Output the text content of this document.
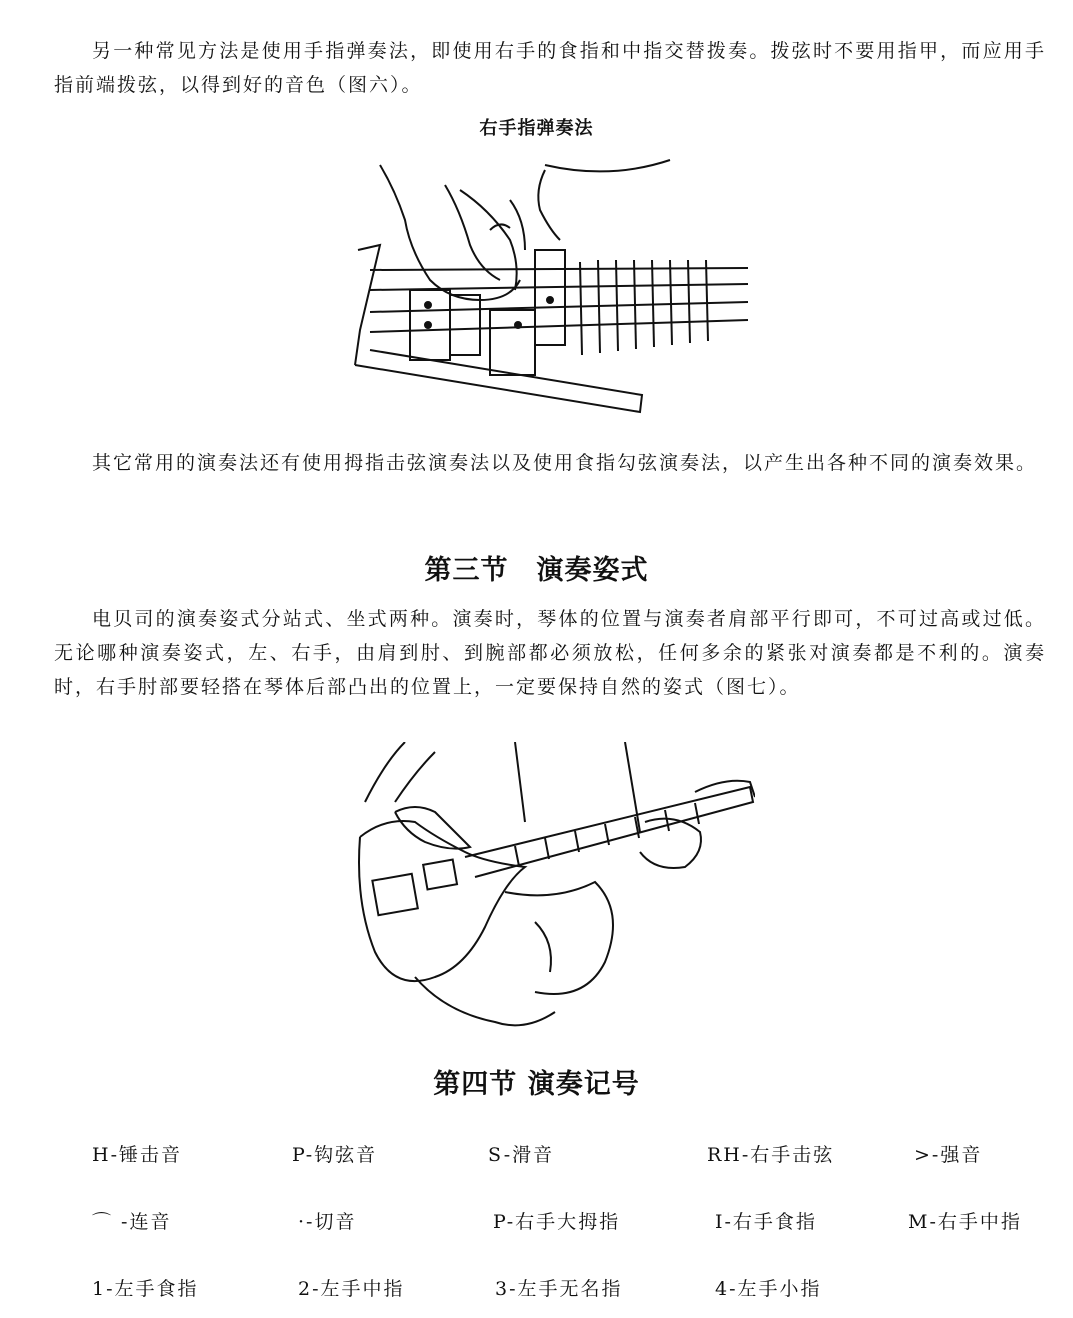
另一种常见方法是使用手指弹奏法，即使用右手的食指和中指交替拨奏。拨弦时不要用指甲，而应用手指前端拨弦，以得到好的音色（图六）。

右手指弹奏法

其它常用的演奏法还有使用拇指击弦演奏法以及使用食指勾弦演奏法，以产生出各种不同的演奏效果。

第三节　演奏姿式

电贝司的演奏姿式分站式、坐式两种。演奏时，琴体的位置与演奏者肩部平行即可，不可过高或过低。无论哪种演奏姿式，左、右手，由肩到肘、到腕部都必须放松，任何多余的紧张对演奏都是不利的。演奏时，右手肘部要轻搭在琴体后部凸出的位置上，一定要保持自然的姿式（图七）。

第四节 演奏记号
H-锤击音	P-钩弦音	S-滑音	RH-右手击弦	>-强音
⌒ -连音	·-切音	P-右手大拇指	I-右手食指	M-右手中指
1-左手食指	2-左手中指	3-左手无名指	4-左手小指
